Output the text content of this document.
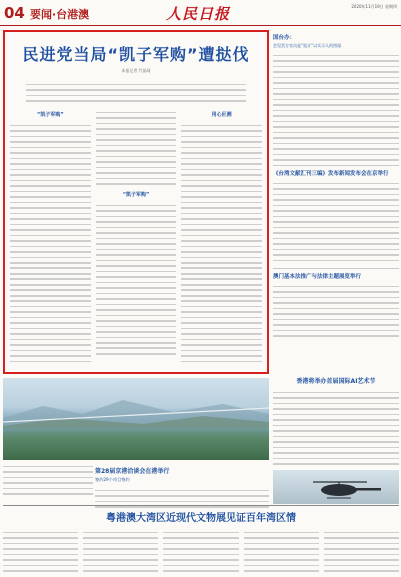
04 要闻·台港澳	人民日报	2020年11月19日 星期四
民进党当局“凯子军购”遭挞伐
本报记者 竹晶琦
“凯子军购”
“凯子军购”
用心叵测
国台办：
会见美方官员是“诡计”以实示人的图谋
《台湾文献汇刊三编》发布新闻发布会在京举行
澳门基本法推广与法律主题展览举行
第28届京港洽谈会在港举行
签约29个项目签约
香港将举办首届国际AI艺术节
粤港澳大湾区近现代文物展见证百年湾区情
